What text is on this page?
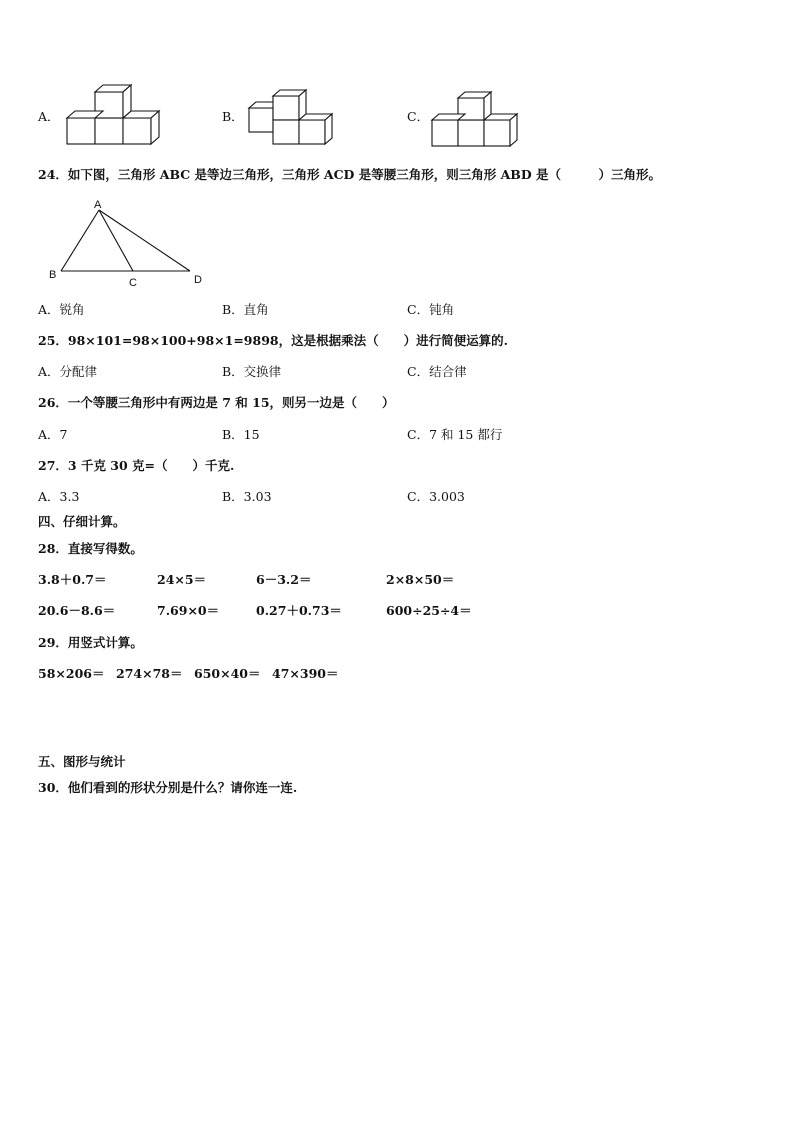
A．	B．	C．
24．如下图，三角形 ABC 是等边三角形，三角形 ACD 是等腰三角形，则三角形 ABD 是（　　　）三角形。
A
B
C	D
A．锐角	B．直角	C．钝角
25．98×101=98×100+98×1=9898，这是根据乘法（　　）进行简便运算的.
A．分配律	B．交换律	C．结合律
26．一个等腰三角形中有两边是 7 和 15，则另一边是（　　）
A．7	B．15	C．7 和 15 都行
27．3 千克 30 克=（　　）千克.
A．3.3	B．3.03	C．3.003
四、仔细计算。
28．直接写得数。
3.8＋0.7＝	24×5＝	6－3.2＝	2×8×50＝
20.6－8.6＝	7.69×0＝	0.27＋0.73＝	600÷25÷4＝
29．用竖式计算。
58×206＝ 274×78＝ 650×40＝ 47×390＝
五、图形与统计
30．他们看到的形状分别是什么？请你连一连.
